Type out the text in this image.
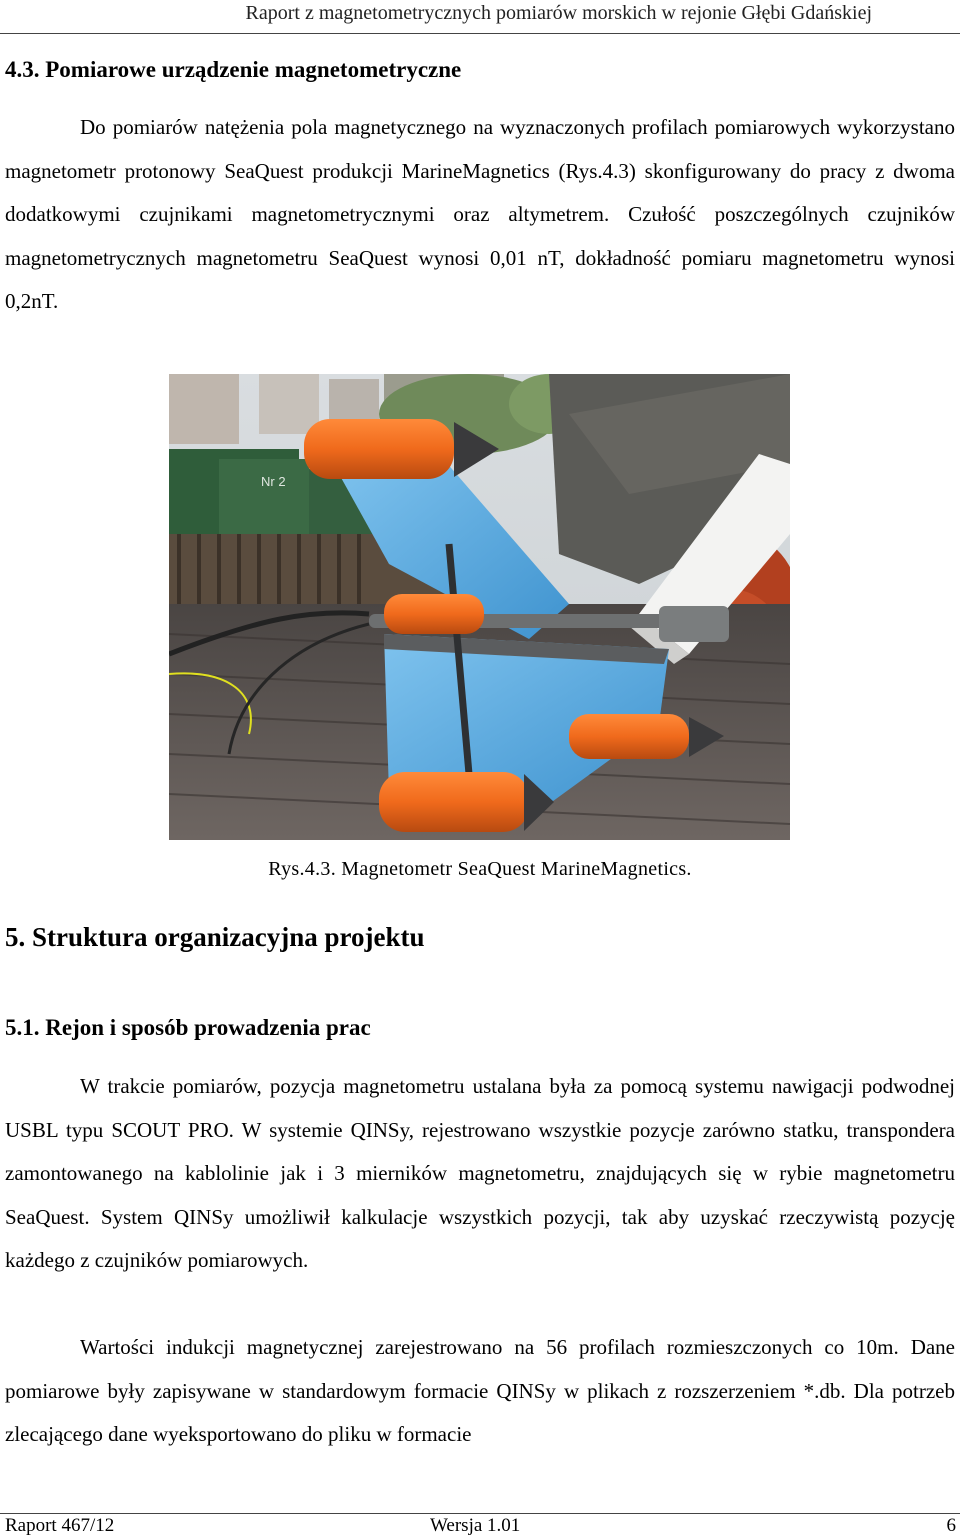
Raport z magnetometrycznych pomiarów morskich w rejonie Głębi Gdańskiej
4.3. Pomiarowe urządzenie magnetometryczne
Do pomiarów natężenia pola magnetycznego na wyznaczonych profilach pomiarowych wykorzystano magnetometr protonowy SeaQuest produkcji MarineMagnetics (Rys.4.3) skonfigurowany do pracy z dwoma dodatkowymi czujnikami magnetometrycznymi oraz altymetrem. Czułość poszczególnych czujników magnetometrycznych magnetometru SeaQuest wynosi 0,01 nT, dokładność pomiaru magnetometru wynosi 0,2nT.
Nr 2
Rys.4.3. Magnetometr SeaQuest MarineMagnetics.
5. Struktura organizacyjna projektu
5.1. Rejon i sposób prowadzenia prac
W trakcie pomiarów, pozycja magnetometru ustalana była za pomocą systemu nawigacji podwodnej USBL typu SCOUT PRO. W systemie QINSy, rejestrowano wszystkie pozycje zarówno statku, transpondera zamontowanego na kablolinie jak i 3 mierników magnetometru, znajdujących się w rybie magnetometru SeaQuest. System QINSy umożliwił kalkulacje wszystkich pozycji, tak aby uzyskać rzeczywistą pozycję każdego z czujników pomiarowych.
Wartości indukcji magnetycznej zarejestrowano na 56 profilach rozmieszczonych co 10m. Dane pomiarowe były zapisywane w standardowym formacie QINSy w plikach z rozszerzeniem *.db. Dla potrzeb zlecającego dane wyeksportowano do pliku w formacie
Raport 467/12	Wersja 1.01	6
